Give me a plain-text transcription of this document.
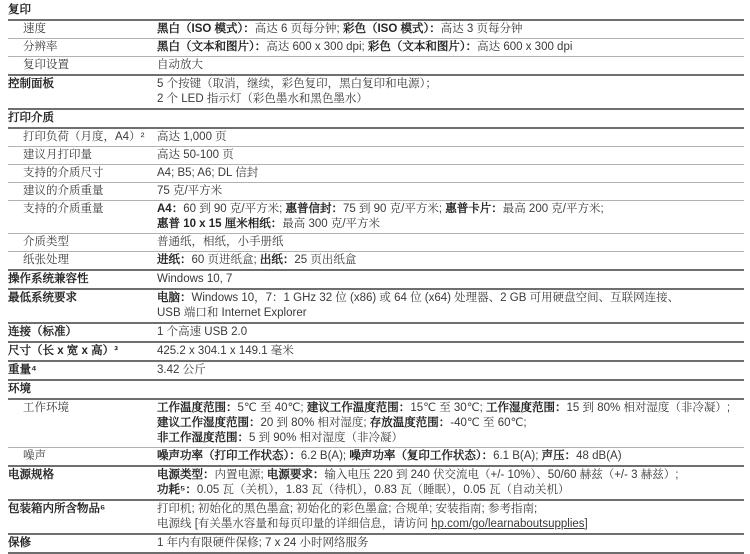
复印
速度	黑白（ISO 模式）：高达 6 页每分钟; 彩色（ISO 模式）：高达 3 页每分钟
分辨率	黑白（文本和图片）：高达 600 x 300 dpi; 彩色（文本和图片）：高达 600 x 300 dpi
复印设置	自动放大
控制面板	5 个按键（取消，继续，彩色复印，黑白复印和电源）；
2 个 LED 指示灯（彩色墨水和黑色墨水）
打印介质
打印负荷（月度，A4）²	高达 1,000 页
建议月打印量	高达 50-100 页
支持的介质尺寸	A4; B5; A6; DL 信封
建议的介质重量	75 克/平方米
支持的介质重量	A4：60 到 90 克/平方米; 惠普信封：75 到 90 克/平方米; 惠普卡片：最高 200 克/平方米;
惠普 10 x 15 厘米相纸：最高 300 克/平方米
介质类型	普通纸，相纸，小手册纸
纸张处理	进纸：60 页进纸盒; 出纸：25 页出纸盒
操作系统兼容性	Windows 10, 7
最低系统要求	电脑：Windows 10，7：1 GHz 32 位 (x86) 或 64 位 (x64) 处理器、2 GB 可用硬盘空间、互联网连接、
USB 端口和 Internet Explorer
连接（标准）	1 个高速 USB 2.0
尺寸（长 x 宽 x 高）³	425.2 x 304.1 x 149.1 毫米
重量⁴	3.42 公斤
环境
工作环境	工作温度范围：5℃ 至 40℃; 建议工作温度范围：15℃ 至 30℃; 工作湿度范围：15 到 80% 相对湿度（非冷凝）;
建议工作湿度范围：20 到 80% 相对湿度; 存放温度范围：-40℃ 至 60℃;
非工作湿度范围：5 到 90% 相对湿度（非冷凝）
噪声	噪声功率（打印工作状态）：6.2 B(A); 噪声功率（复印工作状态）：6.1 B(A); 声压：48 dB(A)
电源规格	电源类型：内置电源; 电源要求：输入电压 220 到 240 伏交流电（+/- 10%）、50/60 赫兹（+/- 3 赫兹）;
功耗⁵：0.05 瓦（关机），1.83 瓦（待机），0.83 瓦（睡眠），0.05 瓦（自动关机）
包装箱内所含物品⁶	打印机; 初始化的黑色墨盒; 初始化的彩色墨盒; 合规单; 安装指南; 参考指南;
电源线 [有关墨水容量和每页印量的详细信息，请访问 hp.com/go/learnaboutsupplies]
保修	1 年内有限硬件保修; 7 x 24 小时网络服务
